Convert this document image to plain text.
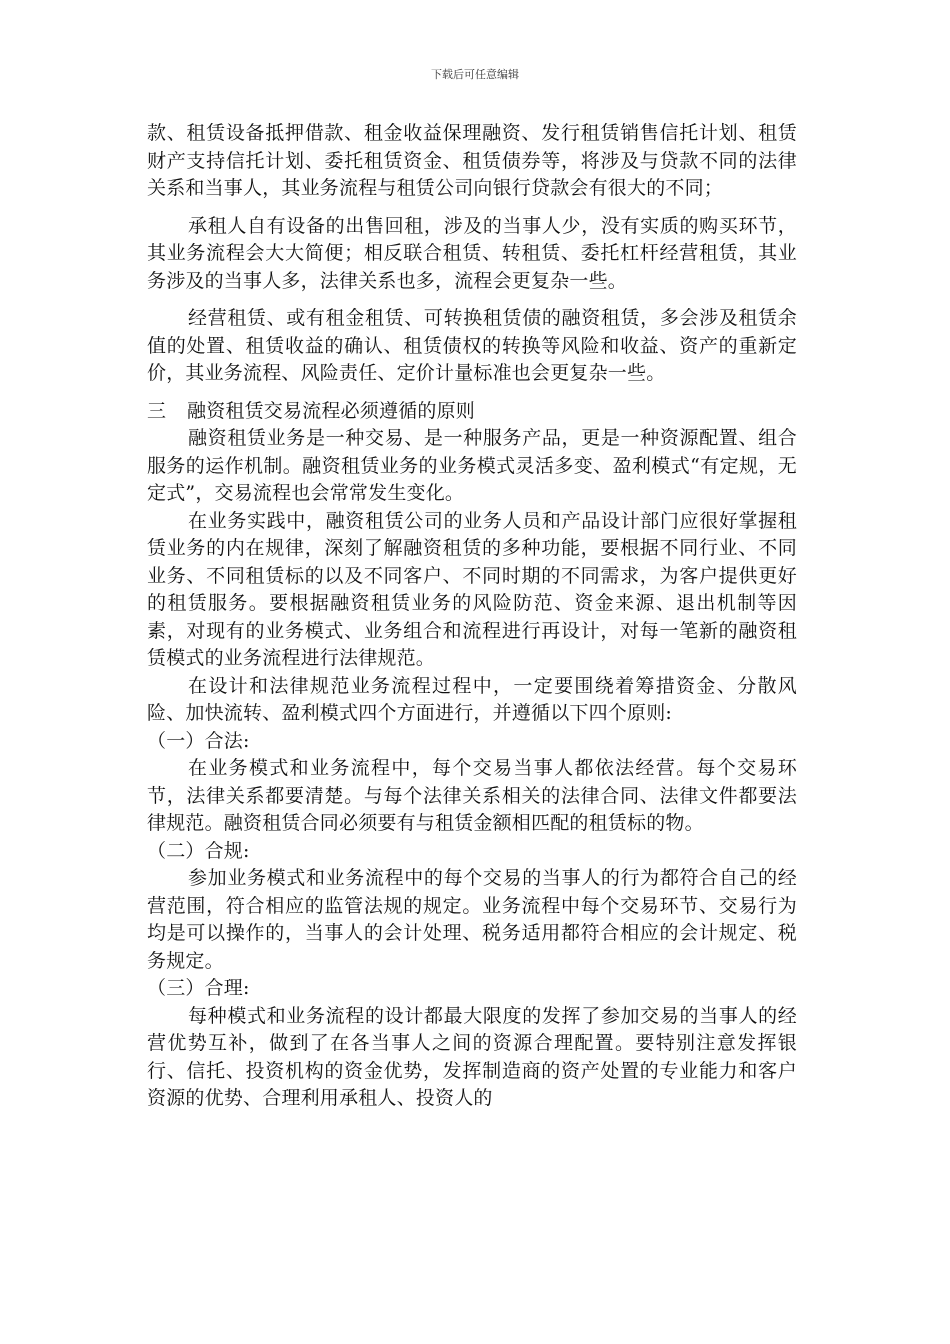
下载后可任意编辑

款、租赁设备抵押借款、租金收益保理融资、发行租赁销售信托计划、租赁财产支持信托计划、委托租赁资金、租赁债券等，将涉及与贷款不同的法律关系和当事人，其业务流程与租赁公司向银行贷款会有很大的不同；

承租人自有设备的出售回租，涉及的当事人少，没有实质的购买环节，其业务流程会大大简便；相反联合租赁、转租赁、委托杠杆经营租赁，其业务涉及的当事人多，法律关系也多，流程会更复杂一些。

经营租赁、或有租金租赁、可转换租赁债的融资租赁，多会涉及租赁余值的处置、租赁收益的确认、租赁债权的转换等风险和收益、资产的重新定价，其业务流程、风险责任、定价计量标准也会更复杂一些。

三 融资租赁交易流程必须遵循的原则

融资租赁业务是一种交易、是一种服务产品，更是一种资源配置、组合服务的运作机制。融资租赁业务的业务模式灵活多变、盈利模式“有定规，无定式”，交易流程也会常常发生变化。

在业务实践中，融资租赁公司的业务人员和产品设计部门应很好掌握租赁业务的内在规律，深刻了解融资租赁的多种功能，要根据不同行业、不同业务、不同租赁标的以及不同客户、不同时期的不同需求，为客户提供更好的租赁服务。要根据融资租赁业务的风险防范、资金来源、退出机制等因素，对现有的业务模式、业务组合和流程进行再设计，对每一笔新的融资租赁模式的业务流程进行法律规范。

在设计和法律规范业务流程过程中，一定要围绕着筹措资金、分散风险、加快流转、盈利模式四个方面进行，并遵循以下四个原则:

（一）合法:

在业务模式和业务流程中，每个交易当事人都依法经营。每个交易环节，法律关系都要清楚。与每个法律关系相关的法律合同、法律文件都要法律规范。融资租赁合同必须要有与租赁金额相匹配的租赁标的物。

（二）合规:

参加业务模式和业务流程中的每个交易的当事人的行为都符合自己的经营范围，符合相应的监管法规的规定。业务流程中每个交易环节、交易行为均是可以操作的，当事人的会计处理、税务适用都符合相应的会计规定、税务规定。

（三）合理:

每种模式和业务流程的设计都最大限度的发挥了参加交易的当事人的经营优势互补，做到了在各当事人之间的资源合理配置。要特别注意发挥银行、信托、投资机构的资金优势，发挥制造商的资产处置的专业能力和客户资源的优势、合理利用承租人、投资人的
